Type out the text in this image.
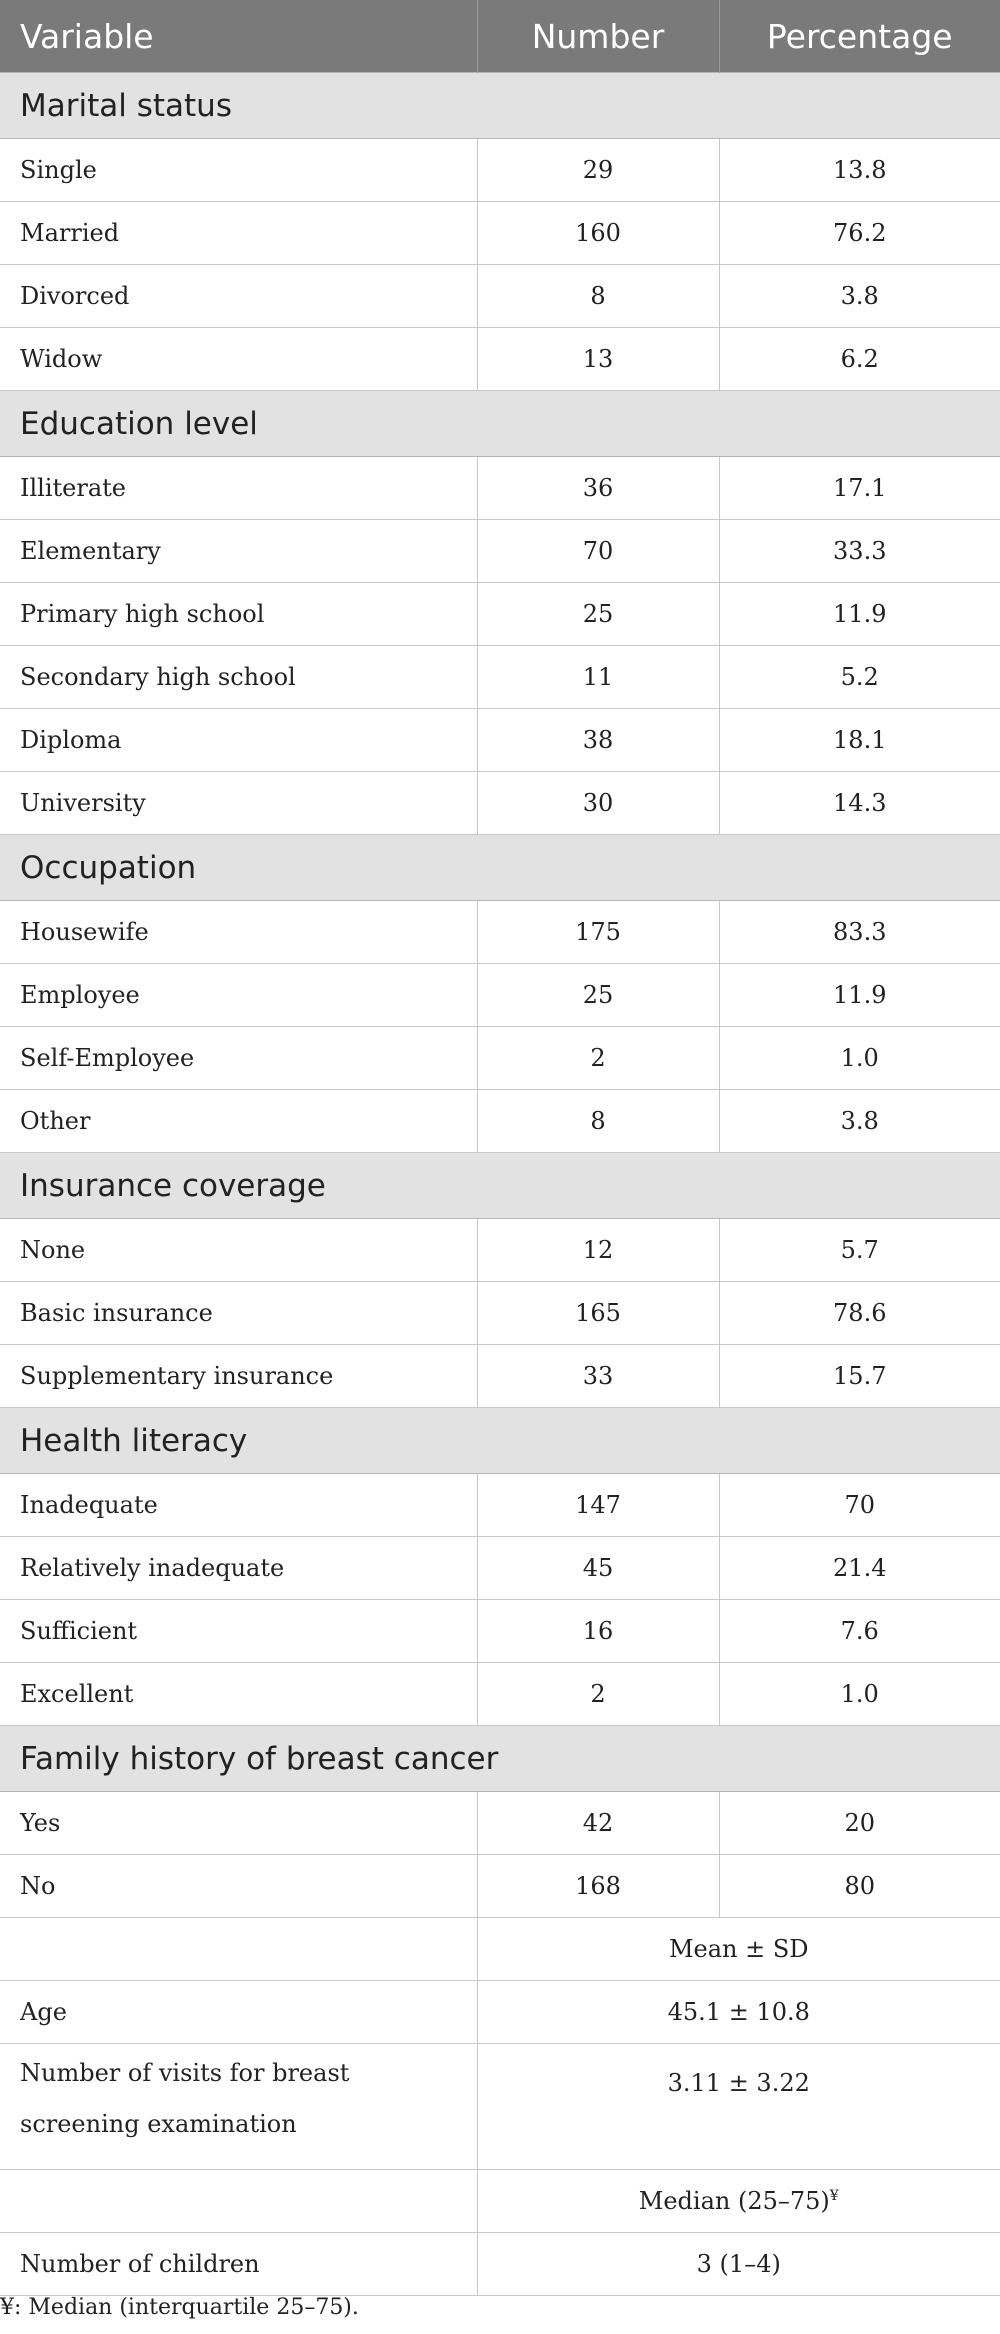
Variable	Number	Percentage
Marital status		
Single	29	13.8
Married	160	76.2
Divorced	8	3.8
Widow	13	6.2
Education level		
Illiterate	36	17.1
Elementary	70	33.3
Primary high school	25	11.9
Secondary high school	11	5.2
Diploma	38	18.1
University	30	14.3
Occupation		
Housewife	175	83.3
Employee	25	11.9
Self-Employee	2	1.0
Other	8	3.8
Insurance coverage		
None	12	5.7
Basic insurance	165	78.6
Supplementary insurance	33	15.7
Health literacy		
Inadequate	147	70
Relatively inadequate	45	21.4
Sufficient	16	7.6
Excellent	2	1.0
Family history of breast cancer		
Yes	42	20
No	168	80
	Mean ± SD	
Age	45.1 ± 10.8	
Number of visits for breast screening examination	3.11 ± 3.22	
	Median (25–75)¥
Number of children	3 (1–4)	
¥: Median (interquartile 25–75).
